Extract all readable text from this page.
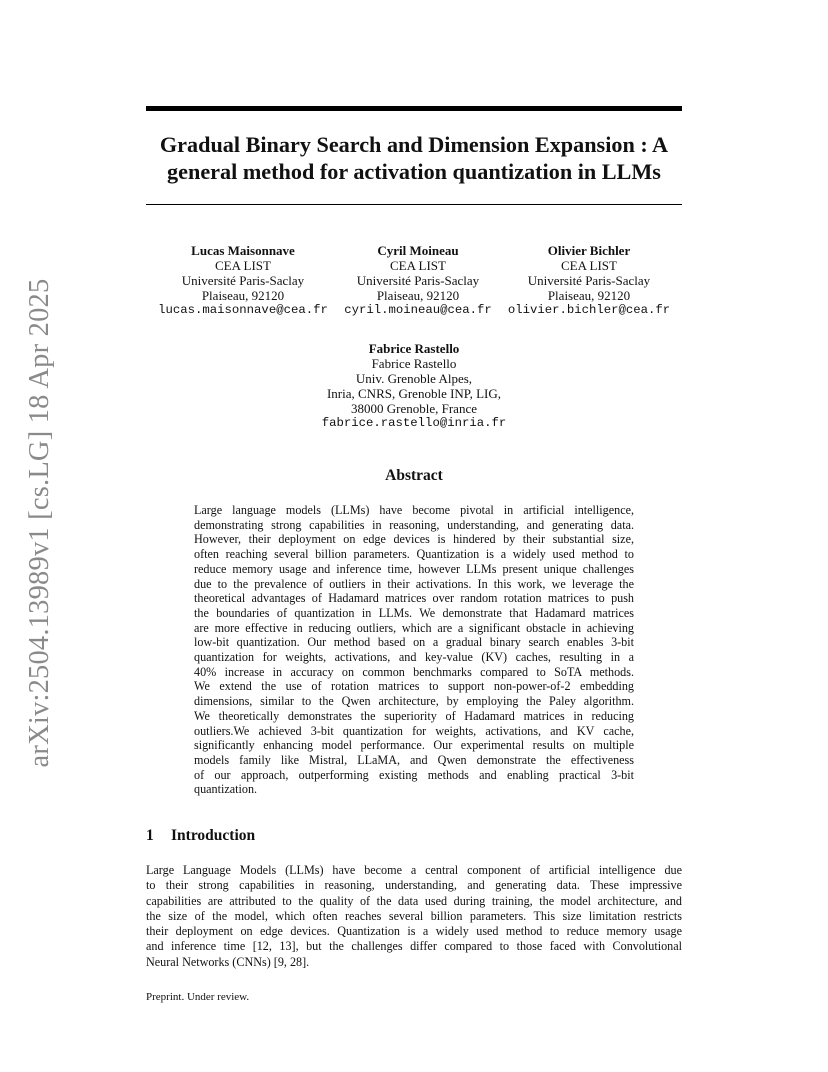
arXiv:2504.13989v1 [cs.LG] 18 Apr 2025
Gradual Binary Search and Dimension Expansion : A
general method for activation quantization in LLMs
Lucas Maisonnave
CEA LIST
Université Paris-Saclay
Plaiseau, 92120
lucas.maisonnave@cea.fr
Cyril Moineau
CEA LIST
Université Paris-Saclay
Plaiseau, 92120
cyril.moineau@cea.fr
Olivier Bichler
CEA LIST
Université Paris-Saclay
Plaiseau, 92120
olivier.bichler@cea.fr
Fabrice Rastello
Fabrice Rastello
Univ. Grenoble Alpes,
Inria, CNRS, Grenoble INP, LIG,
38000 Grenoble, France
fabrice.rastello@inria.fr
Abstract
Large language models (LLMs) have become pivotal in artificial intelligence,
demonstrating strong capabilities in reasoning, understanding, and generating data.
However, their deployment on edge devices is hindered by their substantial size,
often reaching several billion parameters. Quantization is a widely used method to
reduce memory usage and inference time, however LLMs present unique challenges
due to the prevalence of outliers in their activations. In this work, we leverage the
theoretical advantages of Hadamard matrices over random rotation matrices to push
the boundaries of quantization in LLMs. We demonstrate that Hadamard matrices
are more effective in reducing outliers, which are a significant obstacle in achieving
low-bit quantization. Our method based on a gradual binary search enables 3-bit
quantization for weights, activations, and key-value (KV) caches, resulting in a
40% increase in accuracy on common benchmarks compared to SoTA methods.
We extend the use of rotation matrices to support non-power-of-2 embedding
dimensions, similar to the Qwen architecture, by employing the Paley algorithm.
We theoretically demonstrates the superiority of Hadamard matrices in reducing
outliers.We achieved 3-bit quantization for weights, activations, and KV cache,
significantly enhancing model performance. Our experimental results on multiple
models family like Mistral, LLaMA, and Qwen demonstrate the effectiveness
of our approach, outperforming existing methods and enabling practical 3-bit
quantization.
1 Introduction
Large Language Models (LLMs) have become a central component of artificial intelligence due
to their strong capabilities in reasoning, understanding, and generating data. These impressive
capabilities are attributed to the quality of the data used during training, the model architecture, and
the size of the model, which often reaches several billion parameters. This size limitation restricts
their deployment on edge devices. Quantization is a widely used method to reduce memory usage
and inference time [12, 13], but the challenges differ compared to those faced with Convolutional
Neural Networks (CNNs) [9, 28].

Preprint. Under review.
